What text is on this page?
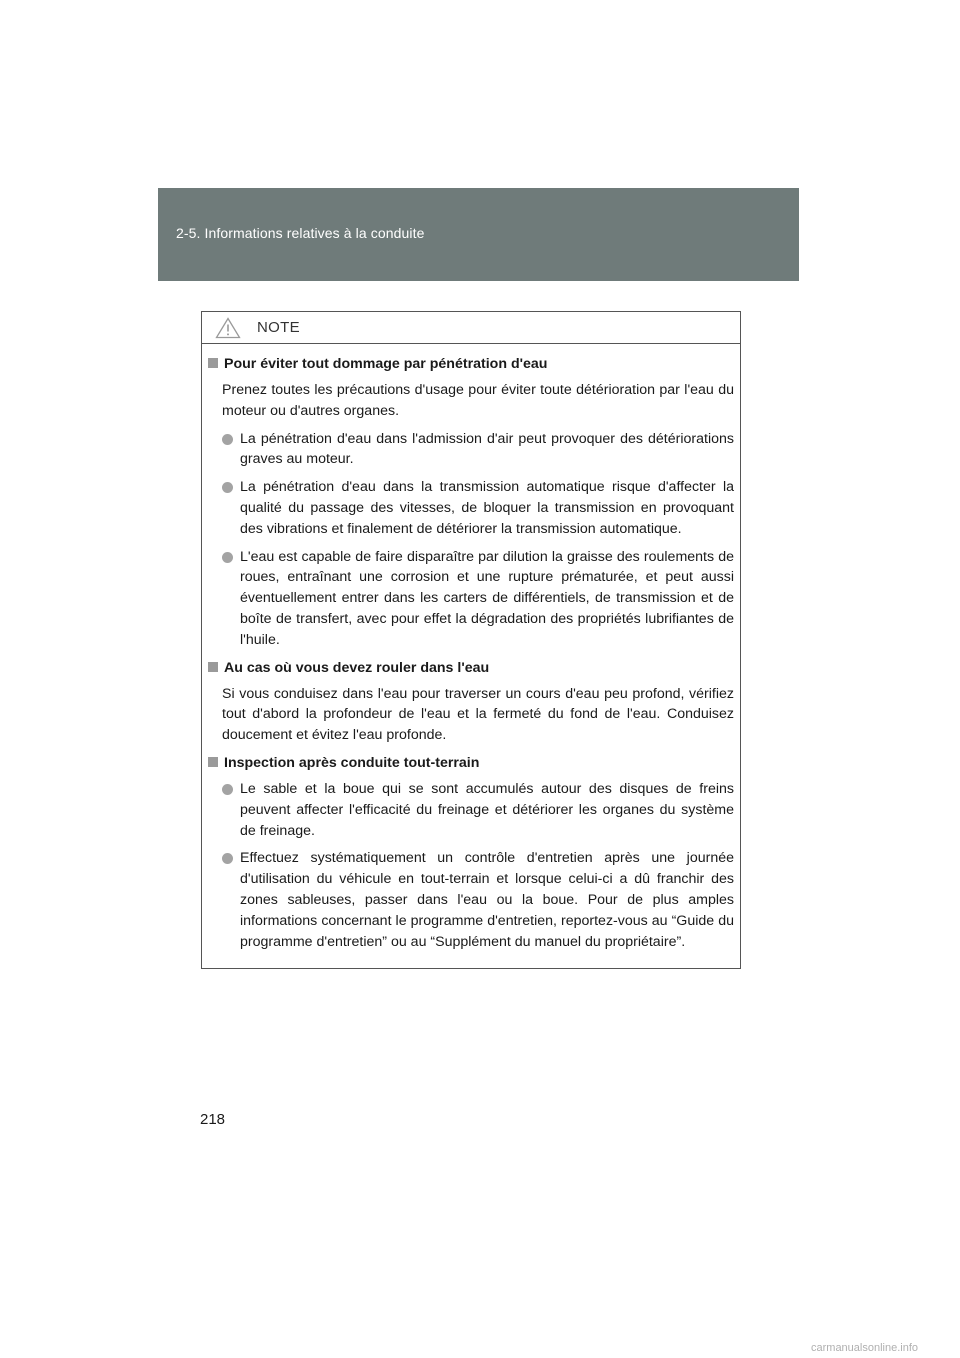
2-5. Informations relatives à la conduite
NOTE
Pour éviter tout dommage par pénétration d'eau

Prenez toutes les précautions d'usage pour éviter toute détérioration par l'eau du moteur ou d'autres organes.

La pénétration d'eau dans l'admission d'air peut provoquer des détériorations graves au moteur.
La pénétration d'eau dans la transmission automatique risque d'affecter la qualité du passage des vitesses, de bloquer la transmission en provoquant des vibrations et finalement de détériorer la transmission automatique.
L'eau est capable de faire disparaître par dilution la graisse des roulements de roues, entraînant une corrosion et une rupture prématurée, et peut aussi éventuellement entrer dans les carters de différentiels, de transmission et de boîte de transfert, avec pour effet la dégradation des propriétés lubrifiantes de l'huile.
Au cas où vous devez rouler dans l'eau

Si vous conduisez dans l'eau pour traverser un cours d'eau peu profond, vérifiez tout d'abord la profondeur de l'eau et la fermeté du fond de l'eau. Conduisez doucement et évitez l'eau profonde.

Inspection après conduite tout-terrain
Le sable et la boue qui se sont accumulés autour des disques de freins peuvent affecter l'efficacité du freinage et détériorer les organes du système de freinage.
Effectuez systématiquement un contrôle d'entretien après une journée d'utilisation du véhicule en tout-terrain et lorsque celui-ci a dû franchir des zones sableuses, passer dans l'eau ou la boue. Pour de plus amples informations concernant le programme d'entretien, reportez-vous au “Guide du programme d'entretien” ou au “Supplément du manuel du propriétaire”.
218
carmanualsonline.info
